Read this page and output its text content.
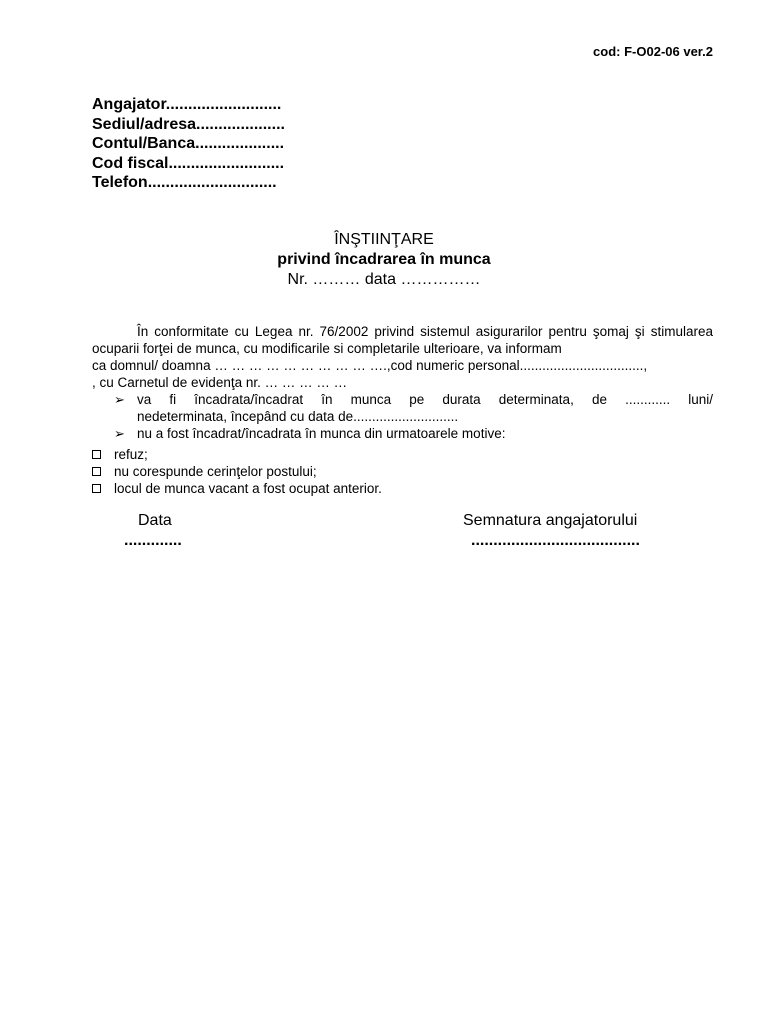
cod: F-O02-06 ver.2
Angajator..........................
Sediul/adresa....................
Contul/Banca....................
Cod fiscal..........................
Telefon.............................
ÎNŞTIINŢARE
privind încadrarea în munca
Nr. ……… data ……………
În conformitate cu Legea nr. 76/2002 privind sistemul asigurarilor pentru şomaj şi stimularea ocuparii forţei de munca, cu modificarile si completarile ulterioare, va informam
ca domnul/ doamna … … … … … … … … … ….,cod numeric personal.................................,
, cu Carnetul de evidenţa nr. … … … … …
➢ va fi încadrata/încadrat în munca pe durata determinata, de ............ luni/
nedeterminata, începând cu data de............................
➢ nu a fost încadrat/încadrata în munca din urmatoarele motive:
refuz;
nu corespunde cerinţelor postului;
locul de munca vacant a fost ocupat anterior.
Data
.............
Semnatura angajatorului
......................................
